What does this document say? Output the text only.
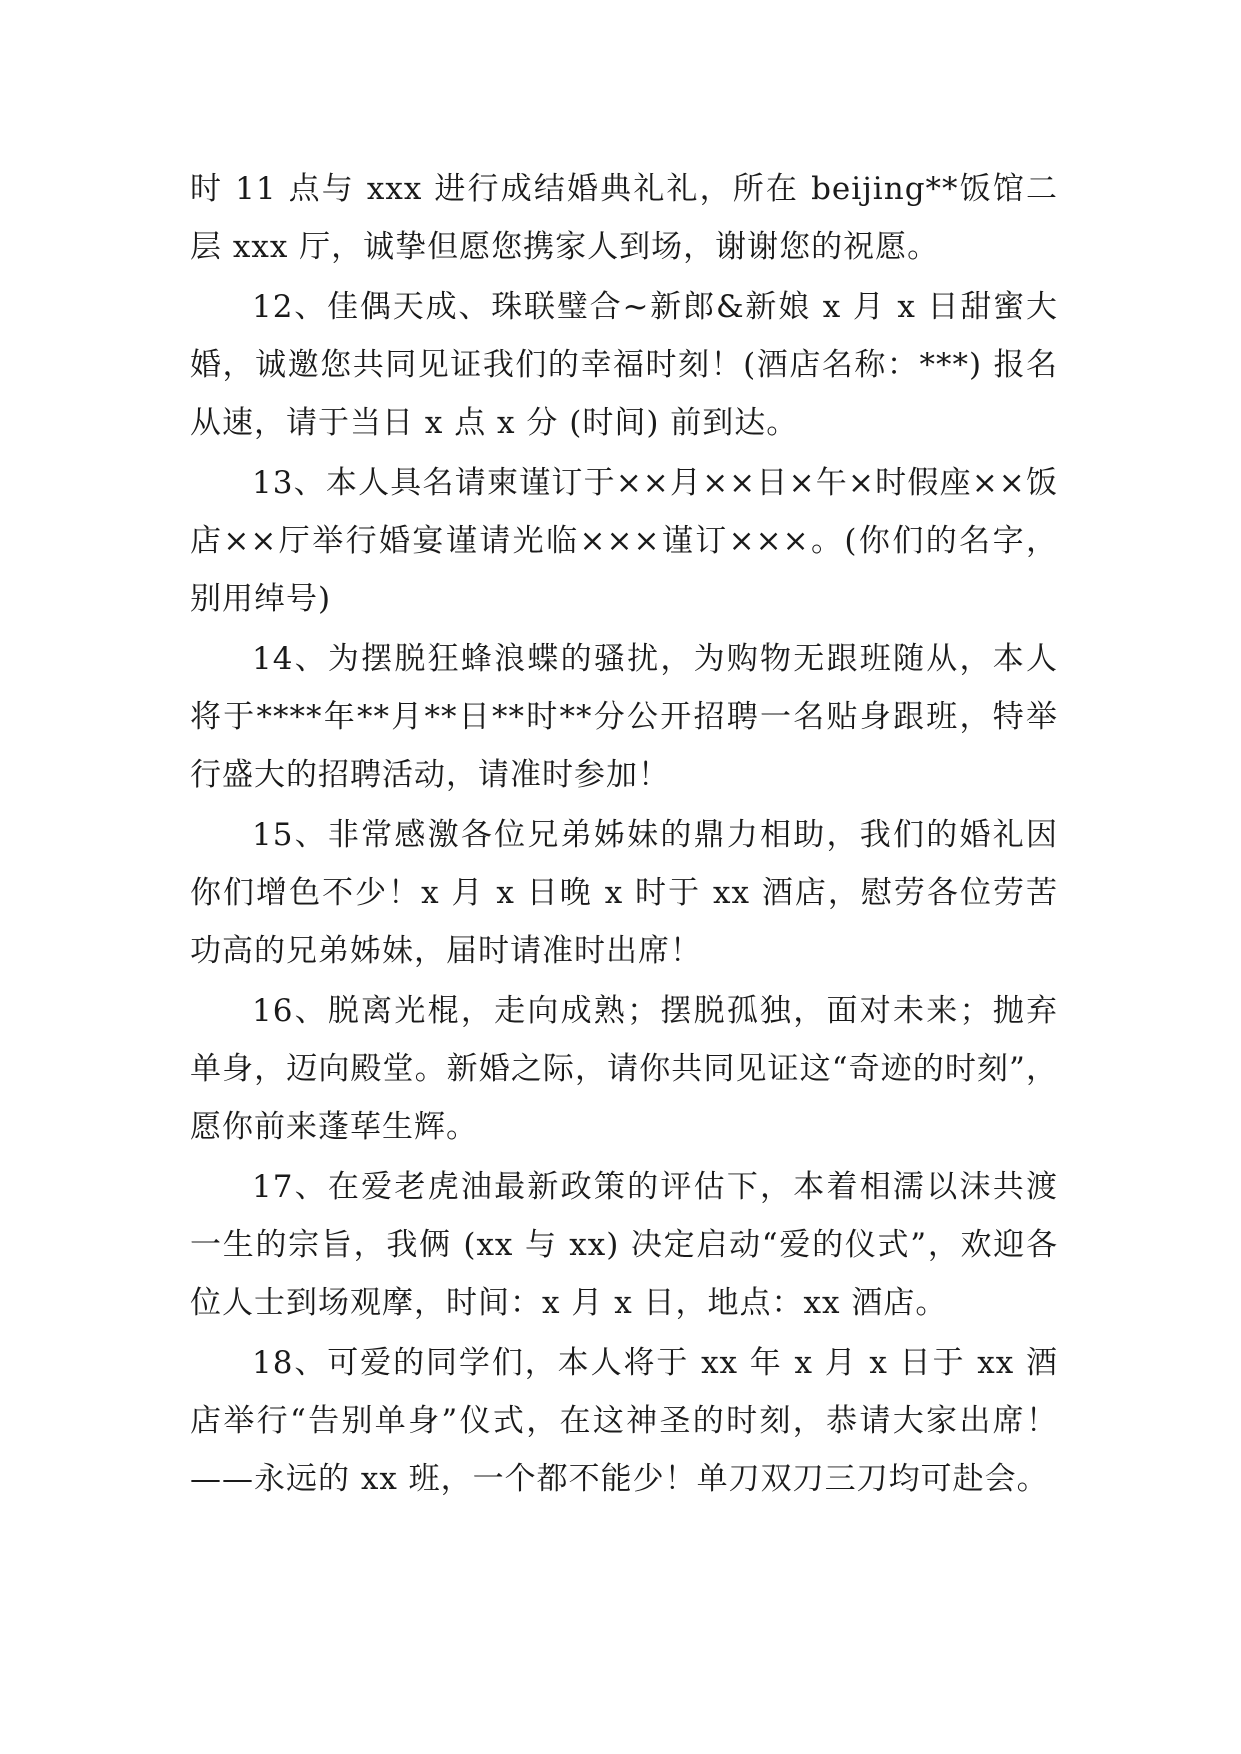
时 11 点与 xxx 进行成结婚典礼礼，所在 beijing**饭馆二层 xxx 厅，诚挚但愿您携家人到场，谢谢您的祝愿。

12、佳偶天成、珠联璧合~新郎&新娘 x 月 x 日甜蜜大婚，诚邀您共同见证我们的幸福时刻！(酒店名称：***) 报名从速，请于当日 x 点 x 分 (时间) 前到达。

13、本人具名请柬谨订于××月××日×午×时假座××饭店××厅举行婚宴谨请光临×××谨订×××。(你们的名字，别用绰号)

14、为摆脱狂蜂浪蝶的骚扰，为购物无跟班随从，本人将于****年**月**日**时**分公开招聘一名贴身跟班，特举行盛大的招聘活动，请准时参加！

15、非常感激各位兄弟姊妹的鼎力相助，我们的婚礼因你们增色不少！x 月 x 日晚 x 时于 xx 酒店，慰劳各位劳苦功高的兄弟姊妹，届时请准时出席！

16、脱离光棍，走向成熟；摆脱孤独，面对未来；抛弃单身，迈向殿堂。新婚之际，请你共同见证这“奇迹的时刻”，愿你前来蓬荜生辉。

17、在爱老虎油最新政策的评估下，本着相濡以沫共渡一生的宗旨，我俩 (xx 与 xx) 决定启动“爱的仪式”，欢迎各位人士到场观摩，时间：x 月 x 日，地点：xx 酒店。

18、可爱的同学们，本人将于 xx 年 x 月 x 日于 xx 酒店举行“告别单身”仪式，在这神圣的时刻，恭请大家出席！——永远的 xx 班，一个都不能少！单刀双刀三刀均可赴会。
